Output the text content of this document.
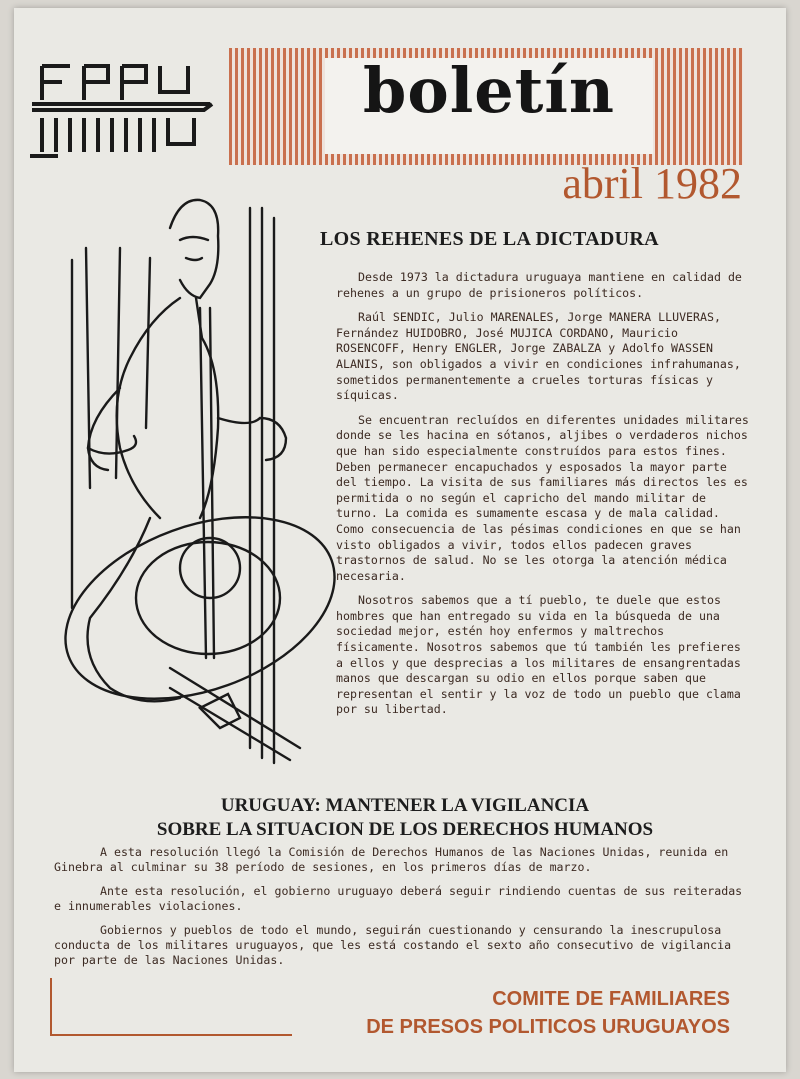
boletín
abril 1982
LOS REHENES DE LA DICTADURA

Desde 1973 la dictadura uruguaya mantiene en calidad de rehenes a un grupo de prisioneros políticos.

Raúl SENDIC, Julio MARENALES, Jorge MANERA LLUVERAS, Fernández HUIDOBRO, José MUJICA CORDANO, Mauricio ROSENCOFF, Henry ENGLER, Jorge ZABALZA y Adolfo WASSEN ALANIS, son obligados a vivir en condiciones infrahumanas, sometidos permanentemente a crueles torturas físicas y síquicas.

Se encuentran recluídos en diferentes unidades militares donde se les hacina en sótanos, aljibes o verdaderos nichos que han sido especialmente construídos para estos fines. Deben permanecer encapuchados y esposados la mayor parte del tiempo. La visita de sus familiares más directos les es permitida o no según el capricho del mando militar de turno. La comida es sumamente escasa y de mala calidad. Como consecuencia de las pésimas condiciones en que se han visto obligados a vivir, todos ellos padecen graves trastornos de salud. No se les otorga la atención médica necesaria.

Nosotros sabemos que a tí pueblo, te duele que estos hombres que han entregado su vida en la búsqueda de una sociedad mejor, estén hoy enfermos y maltrechos físicamente. Nosotros sabemos que tú también les prefieres a ellos y que desprecias a los militares de ensangrentadas manos que descargan su odio en ellos porque saben que representan el sentir y la voz de todo un pueblo que clama por su libertad.

URUGUAY: MANTENER LA VIGILANCIA
SOBRE LA SITUACION DE LOS DERECHOS HUMANOS

A esta resolución llegó la Comisión de Derechos Humanos de las Naciones Unidas, reunida en Ginebra al culminar su 38 período de sesiones, en los primeros días de marzo.

Ante esta resolución, el gobierno uruguayo deberá seguir rindiendo cuentas de sus reiteradas e innumerables violaciones.

Gobiernos y pueblos de todo el mundo, seguirán cuestionando y censurando la inescrupulosa conducta de los militares uruguayos, que les está costando el sexto año consecutivo de vigilancia por parte de las Naciones Unidas.

COMITE DE FAMILIARES
DE PRESOS POLITICOS URUGUAYOS
